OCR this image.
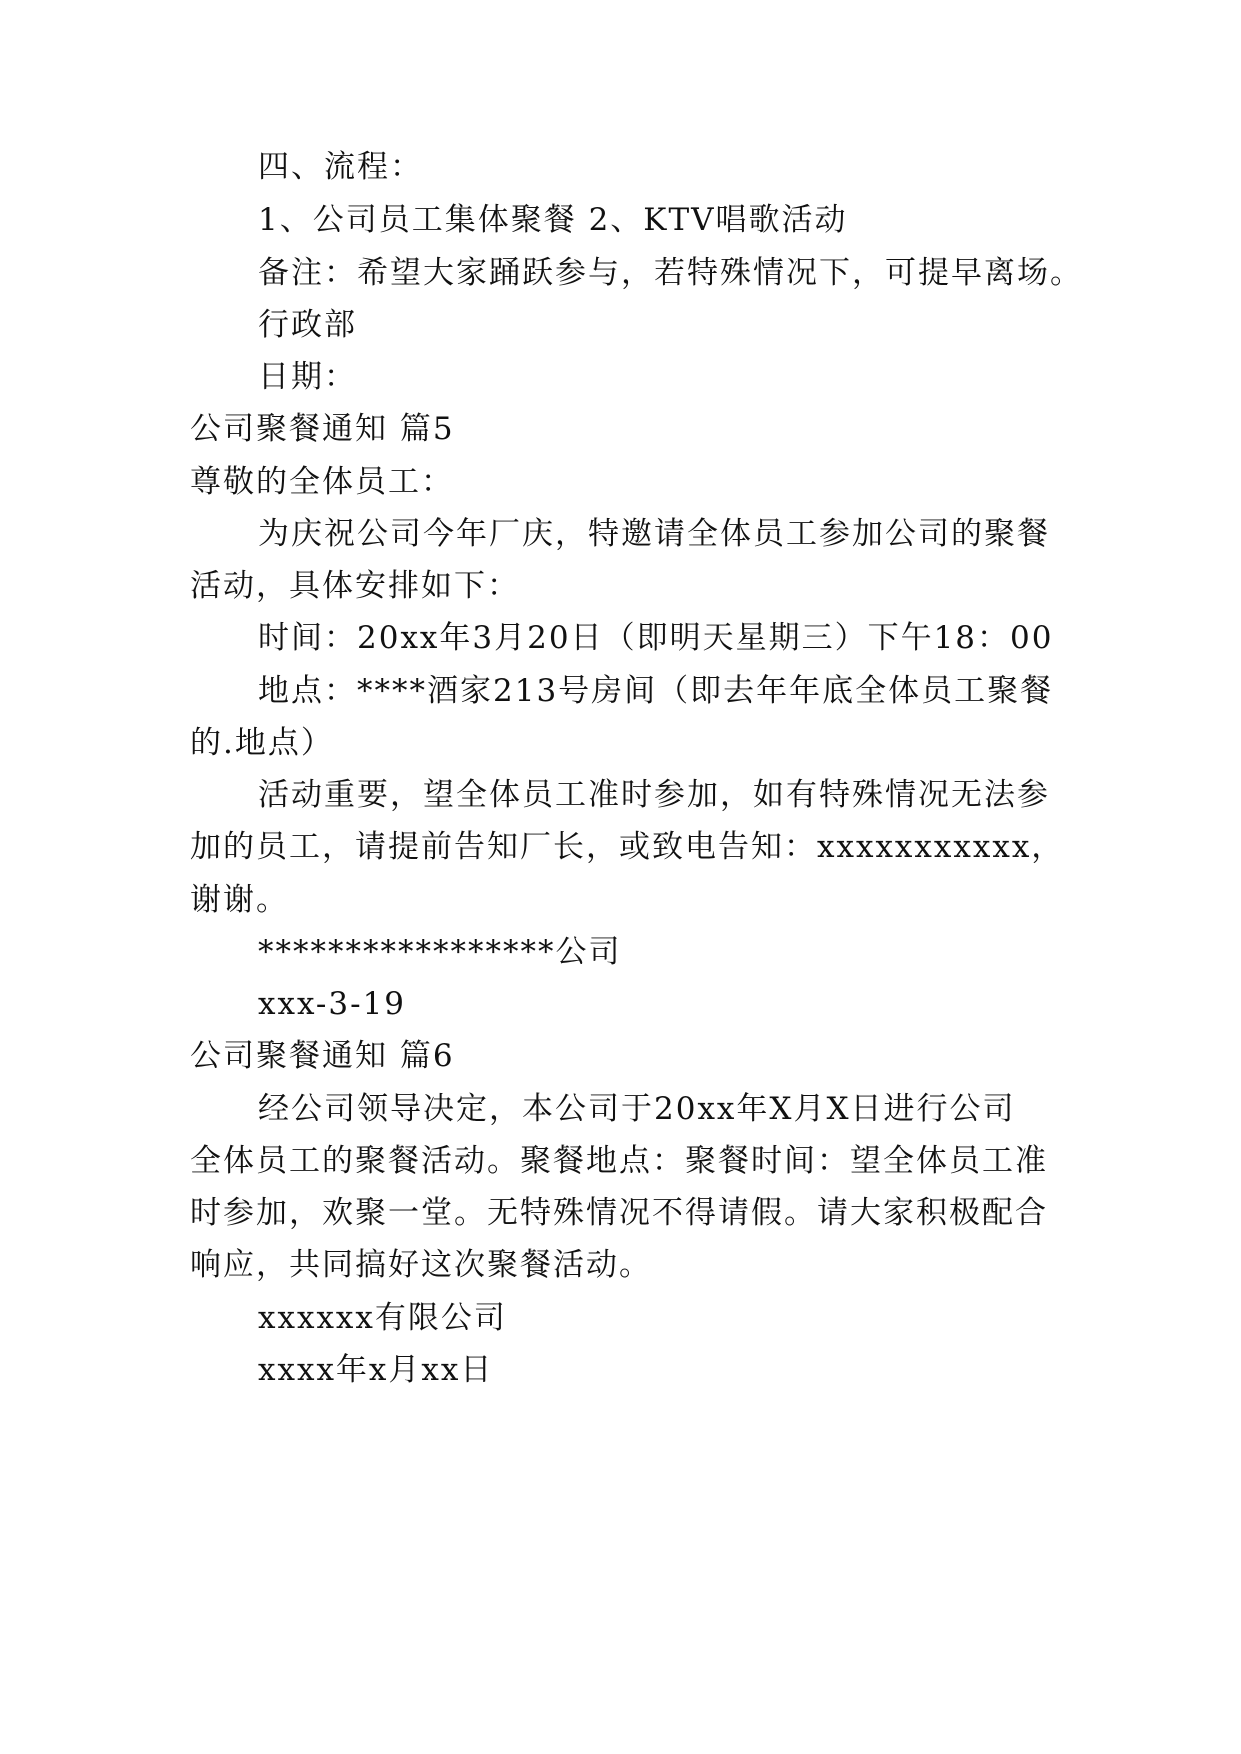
四、流程：
1、公司员工集体聚餐 2、KTV唱歌活动
备注：希望大家踊跃参与，若特殊情况下，可提早离场。
行政部
日期：
公司聚餐通知 篇5
尊敬的全体员工：
为庆祝公司今年厂庆，特邀请全体员工参加公司的聚餐
活动，具体安排如下：
时间：20xx年3月20日（即明天星期三）下午18：00
地点：****酒家213号房间（即去年年底全体员工聚餐
的.地点）
活动重要，望全体员工准时参加，如有特殊情况无法参
加的员工，请提前告知厂长，或致电告知：xxxxxxxxxxx，
谢谢。
*****************公司
xxx-3-19
公司聚餐通知 篇6
经公司领导决定，本公司于20xx年X月X日进行公司
全体员工的聚餐活动。聚餐地点：聚餐时间：望全体员工准
时参加，欢聚一堂。无特殊情况不得请假。请大家积极配合
响应，共同搞好这次聚餐活动。
xxxxxx有限公司
xxxx年x月xx日
